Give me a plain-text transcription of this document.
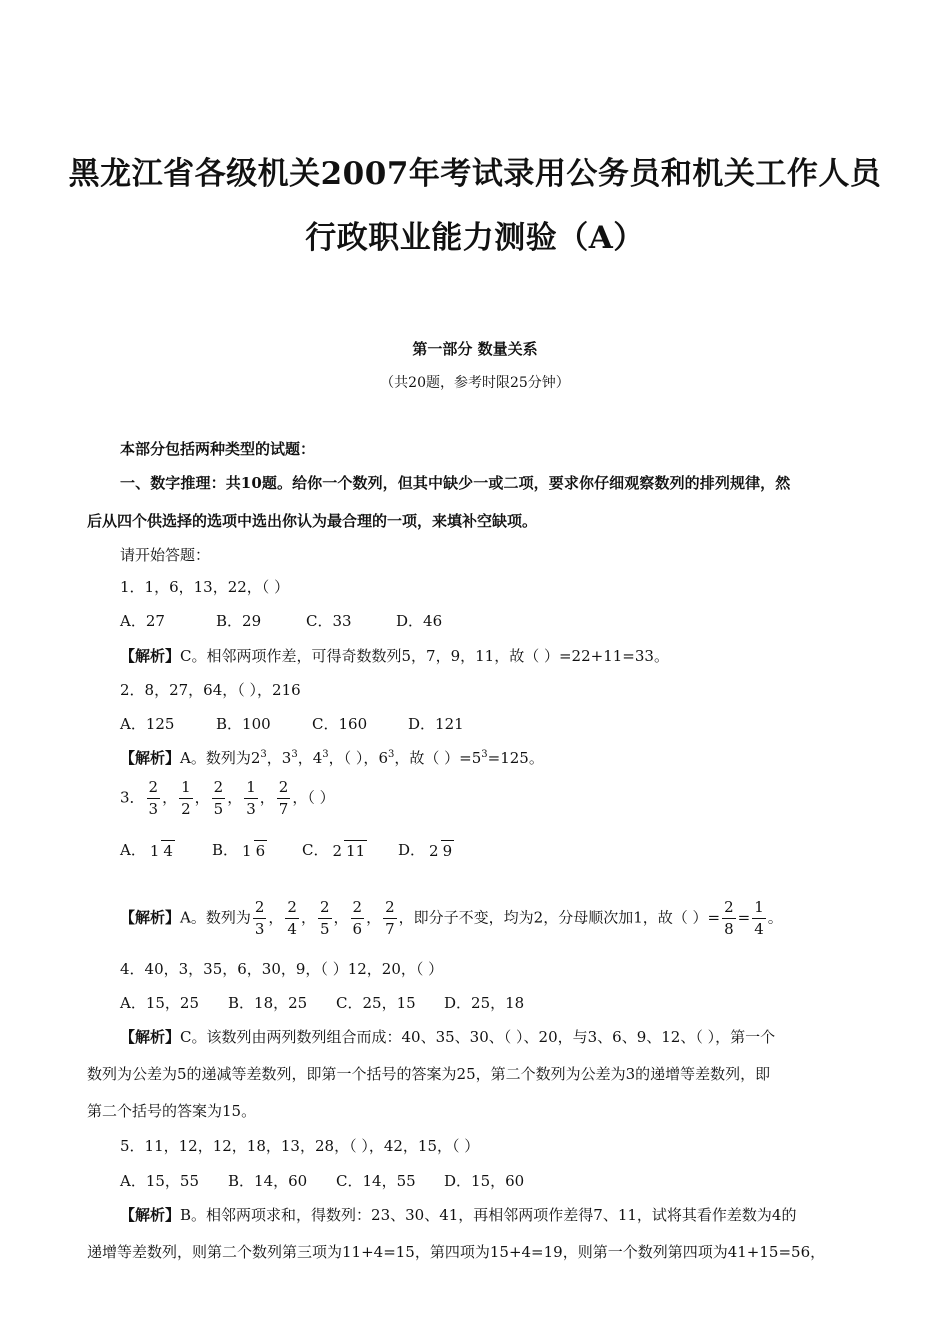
黑龙江省各级机关2007年考试录用公务员和机关工作人员
行政职业能力测验（A）
第一部分 数量关系
（共20题，参考时限25分钟）
本部分包括两种类型的试题：
一、数字推理：共10题。给你一个数列，但其中缺少一或二项，要求你仔细观察数列的排列规律，然
后从四个供选择的选项中选出你认为最合理的一项，来填补空缺项。
请开始答题：
1．1，6，13，22，（ ）
A．27	B．29	C．33	D．46
【解析】C。相邻两项作差，可得奇数数列5，7，9，11，故（ ）=22+11=33。
2．8，27，64，（ ），216
A．125	B．100	C．160	D．121
【解析】A。数列为$2^3$，$3^3$，$4^3$，（ ），$6^3$，故（ ）$=5^3=125$。
3． $\frac{2}{3}$ ， $\frac{1}{2}$ ， $\frac{2}{5}$ ， $\frac{1}{3}$ ， $\frac{2}{7}$ ，（ ）
A． 1 4	B． 1 6 C． 2 11 D． 2 9
【解析】A。数列为 $\frac{2}{3}$ ， $\frac{2}{4}$ ， $\frac{2}{5}$ ， $\frac{2}{6}$ ， $\frac{2}{7}$ ，即分子不变，均为2，分母顺次加1，故（ ）= $\frac{2}{8} = \frac{1}{4}$ 。
4．40，3，35，6，30，9，（ ）12，20，（ ）
A．15，25 B．18，25 C．25，15 D．25，18
【解析】C。该数列由两列数列组合而成：40、35、30、（ ）、20，与3、6、9、12、（ ），第一个
数列为公差为5的递减等差数列，即第一个括号的答案为25，第二个数列为公差为3的递增等差数列，即
第二个括号的答案为15。
5．11，12，12，18，13，28，（ ），42，15，（ ）
A．15，55 B．14，60 C．14，55 D．15，60
【解析】B。相邻两项求和，得数列：23、30、41，再相邻两项作差得7、11，试将其看作差数为4的
递增等差数列，则第二个数列第三项为11+4=15，第四项为15+4=19，则第一个数列第四项为41+15=56，
